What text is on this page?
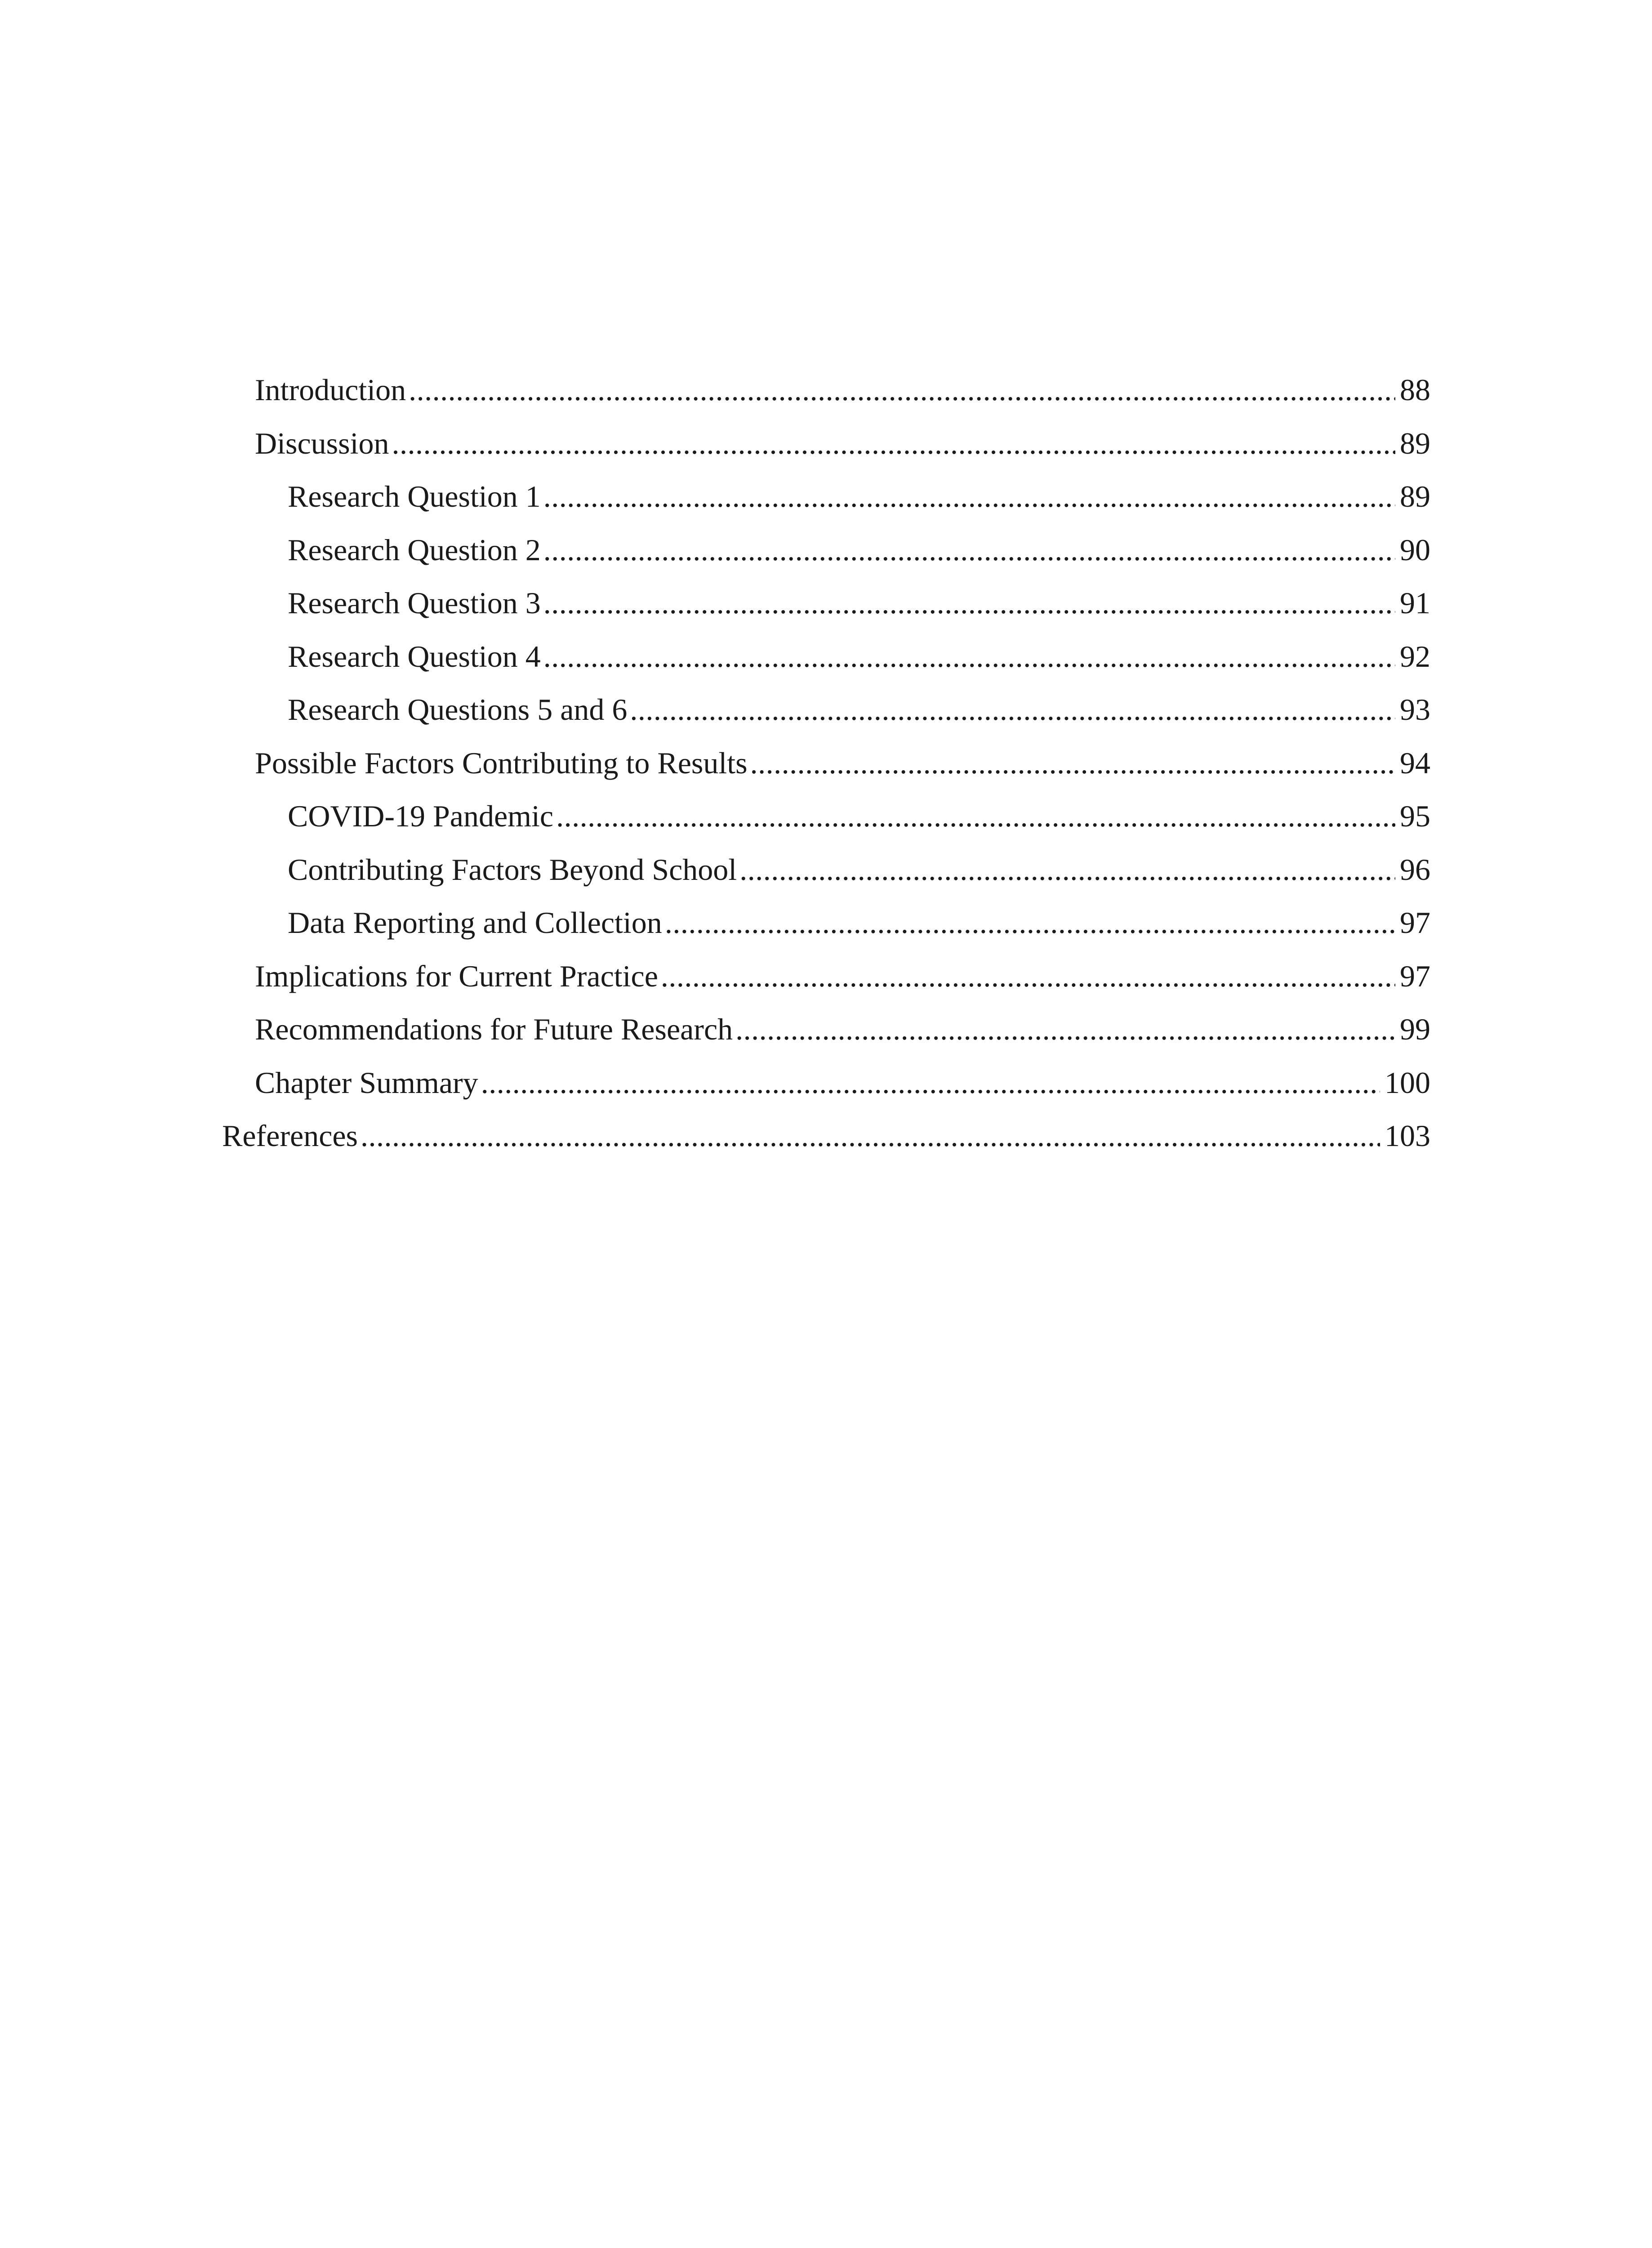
Introduction .....	88
Discussion .....	89
Research Question 1 .....	89
Research Question 2 .....	90
Research Question 3 .....	91
Research Question 4 .....	92
Research Questions 5 and 6 .....	93
Possible Factors Contributing to Results .....	94
COVID-19 Pandemic .....	95
Contributing Factors Beyond School .....	96
Data Reporting and Collection .....	97
Implications for Current Practice .....	97
Recommendations for Future Research .....	99
Chapter Summary .....	100
References .....	103
